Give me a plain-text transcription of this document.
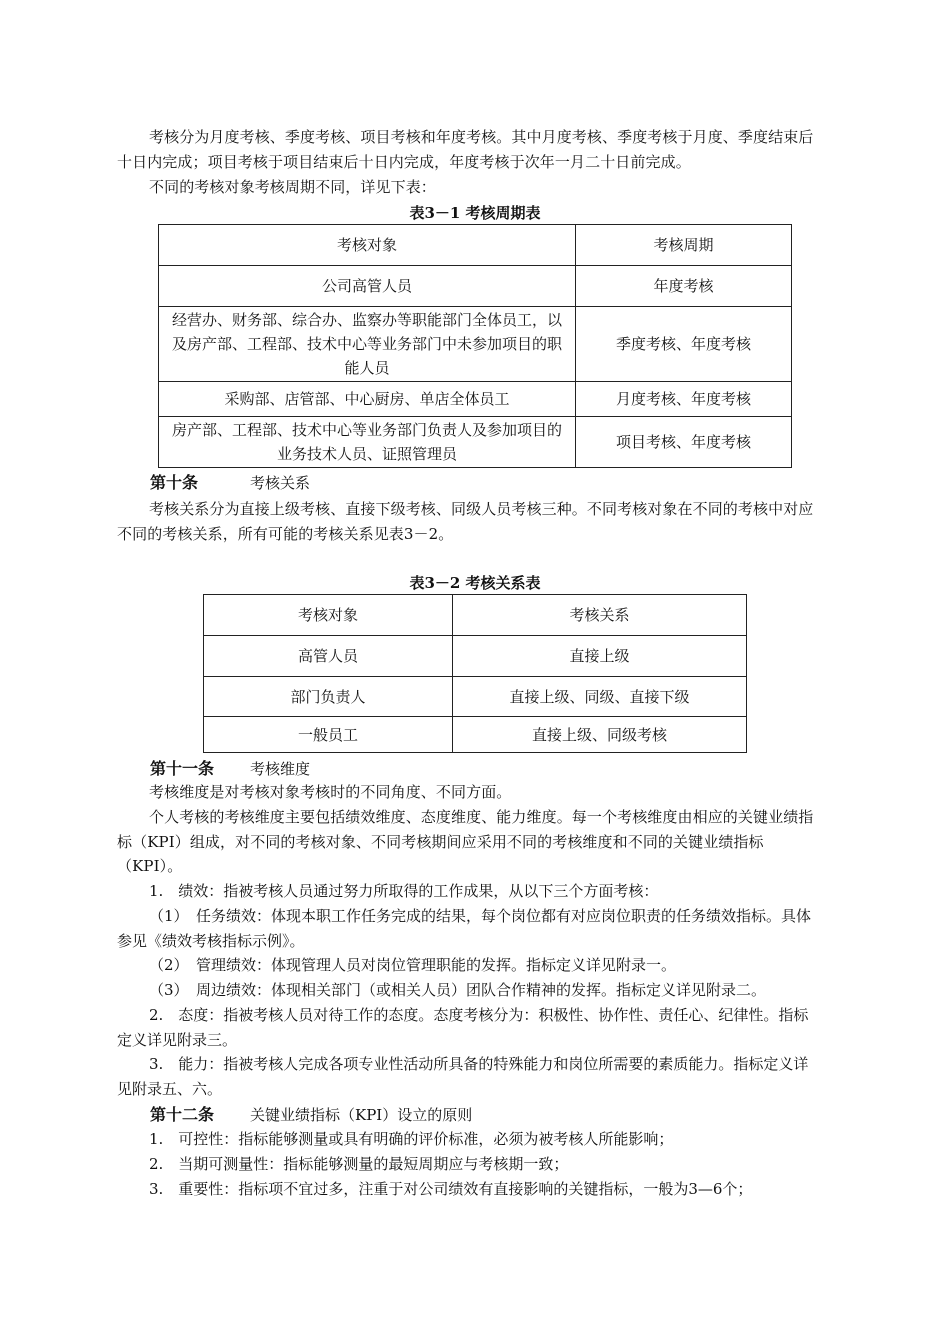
考核分为月度考核、季度考核、项目考核和年度考核。其中月度考核、季度考核于月度、季度结束后十日内完成；项目考核于项目结束后十日内完成，年度考核于次年一月二十日前完成。

不同的考核对象考核周期不同，详见下表：

表3－1 考核周期表

考核对象	考核周期
公司高管人员	年度考核
经营办、财务部、综合办、监察办等职能部门全体员工，以及房产部、工程部、技术中心等业务部门中未参加项目的职能人员	季度考核、年度考核
采购部、店管部、中心厨房、单店全体员工	月度考核、年度考核
房产部、工程部、技术中心等业务部门负责人及参加项目的业务技术人员、证照管理员	项目考核、年度考核

第十条	考核关系

考核关系分为直接上级考核、直接下级考核、同级人员考核三种。不同考核对象在不同的考核中对应不同的考核关系，所有可能的考核关系见表3－2。

表3－2 考核关系表

考核对象	考核关系
高管人员	直接上级
部门负责人	直接上级、同级、直接下级
一般员工	直接上级、同级考核

第十一条 考核维度

考核维度是对考核对象考核时的不同角度、不同方面。

个人考核的考核维度主要包括绩效维度、态度维度、能力维度。每一个考核维度由相应的关键业绩指标（KPI）组成，对不同的考核对象、不同考核期间应采用不同的考核维度和不同的关键业绩指标（KPI）。

1.　绩效：指被考核人员通过努力所取得的工作成果，从以下三个方面考核：

（1）　任务绩效：体现本职工作任务完成的结果，每个岗位都有对应岗位职责的任务绩效指标。具体参见《绩效考核指标示例》。

（2）　管理绩效：体现管理人员对岗位管理职能的发挥。指标定义详见附录一。

（3）　周边绩效：体现相关部门（或相关人员）团队合作精神的发挥。指标定义详见附录二。

2.　态度：指被考核人员对待工作的态度。态度考核分为：积极性、协作性、责任心、纪律性。指标定义详见附录三。

3.　能力：指被考核人完成各项专业性活动所具备的特殊能力和岗位所需要的素质能力。指标定义详见附录五、六。

第十二条 关键业绩指标（KPI）设立的原则

1.　可控性：指标能够测量或具有明确的评价标准，必须为被考核人所能影响；

2.　当期可测量性：指标能够测量的最短周期应与考核期一致；

3.　重要性：指标项不宜过多，注重于对公司绩效有直接影响的关键指标，一般为3—6个；
